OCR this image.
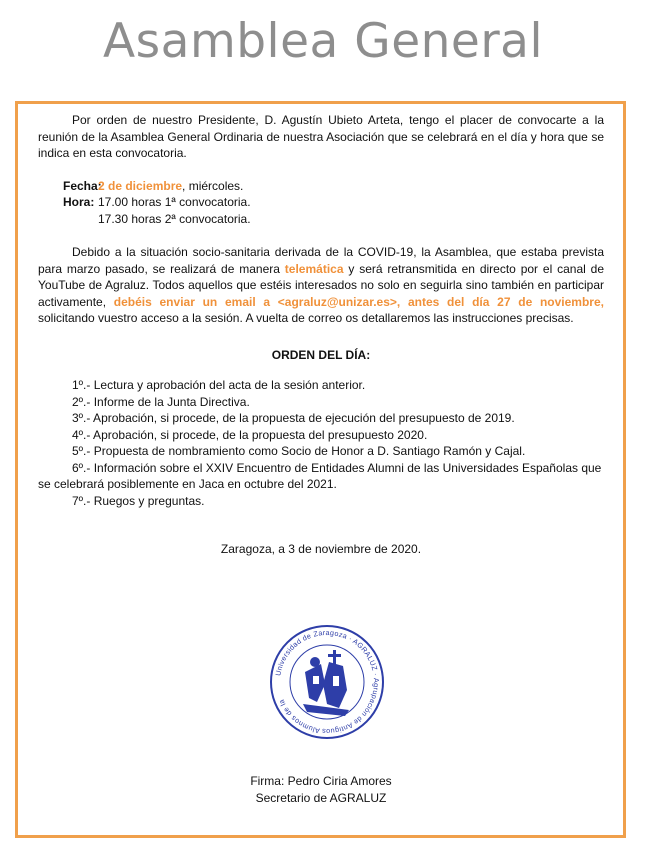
Asamblea General

Por orden de nuestro Presidente, D. Agustín Ubieto Arteta, tengo el placer de convocarte a la reunión de la Asamblea General Ordinaria de nuestra Asociación que se celebrará en el día y hora que se indica en esta convocatoria.

Fecha:
2 de diciembre, miércoles.
Hora: 17.00 horas 1ª convocatoria.
17.30 horas 2ª convocatoria.

Debido a la situación socio-sanitaria derivada de la COVID-19, la Asamblea, que estaba prevista para marzo pasado, se realizará de manera telemática y será retransmitida en directo por el canal de YouTube de Agraluz. Todos aquellos que estéis interesados no solo en seguirla sino también en participar activamente, debéis enviar un email a <agraluz@unizar.es>, antes del día 27 de noviembre, solicitando vuestro acceso a la sesión. A vuelta de correo os detallaremos las instrucciones precisas.

ORDEN DEL DÍA:
1º.- Lectura y aprobación del acta de la sesión anterior.
2º.- Informe de la Junta Directiva.
3º.- Aprobación, si procede, de la propuesta de ejecución del presupuesto de 2019.
4º.- Aprobación, si procede, de la propuesta del presupuesto 2020.
5º.- Propuesta de nombramiento como Socio de Honor a D. Santiago Ramón y Cajal.
6º.- Información sobre el XXIV Encuentro de Entidades Alumni de las Universidades Españolas que se celebrará posiblemente en Jaca en octubre del 2021.
7º.- Ruegos y preguntas.
Zaragoza, a 3 de noviembre de 2020.
Firma: Pedro Ciria Amores
Secretario de AGRALUZ
Universidad de Zaragoza · AGRALUZ · Agrupación de Antiguos Alumnos de la
